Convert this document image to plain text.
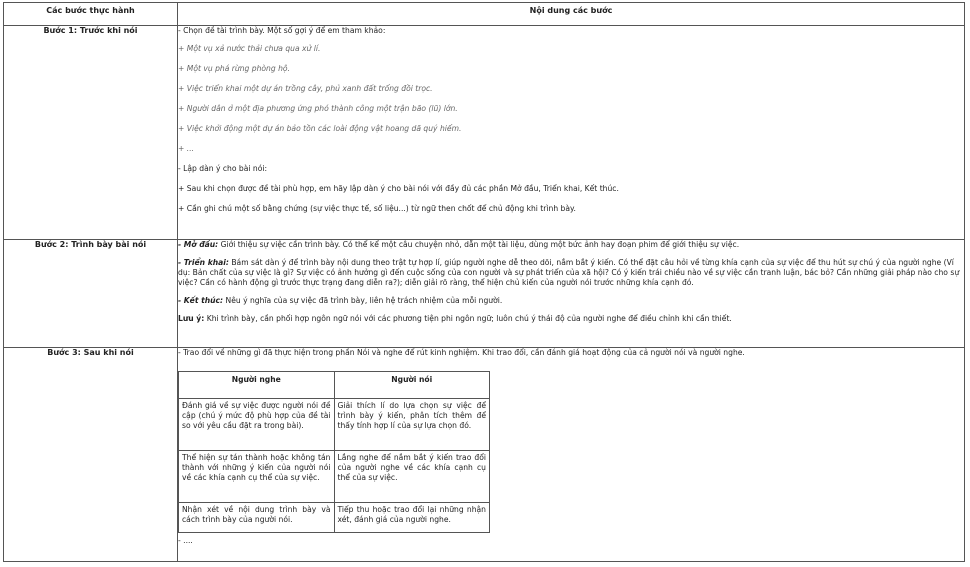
Các bước thực hành	Nội dung các bước
Bước 1: Trước khi nói	- Chọn đề tài trình bày. Một số gợi ý để em tham khảo:

+ Một vụ xả nước thải chưa qua xử lí.

+ Một vụ phá rừng phòng hộ.

+ Việc triển khai một dự án trồng cây, phủ xanh đất trống đồi trọc.

+ Người dân ở một địa phương ứng phó thành công một trận bão (lũ) lớn.

+ Việc khởi động một dự án bảo tồn các loài động vật hoang dã quý hiếm.

+ ...

- Lập dàn ý cho bài nói:

+ Sau khi chọn được đề tài phù hợp, em hãy lập dàn ý cho bài nói với đầy đủ các phần Mở đầu, Triển khai, Kết thúc.

+ Cần ghi chú một số bằng chứng (sự việc thực tế, số liệu...) từ ngữ then chốt để chủ động khi trình bày.

Bước 2: Trình bày bài nói	- Mở đầu: Giới thiệu sự việc cần trình bày. Có thể kể một câu chuyện nhỏ, dẫn một tài liệu, dùng một bức ảnh hay đoạn phim để giới thiệu sự việc.

- Triển khai: Bám sát dàn ý để trình bày nội dung theo trật tự hợp lí, giúp người nghe dễ theo dõi, nắm bắt ý kiến. Có thể đặt câu hỏi về từng khía cạnh của sự việc để thu hút sự chú ý của người nghe (Ví dụ: Bản chất của sự việc là gì? Sự việc có ảnh hưởng gì đến cuộc sống của con người và sự phát triển của xã hội? Có ý kiến trái chiều nào về sự việc cần tranh luận, bác bỏ? Cần những giải pháp nào cho sự việc? Cần có hành động gì trước thực trạng đang diễn ra?); diễn giải rõ ràng, thể hiện chủ kiến của người nói trước những khía cạnh đó.

- Kết thúc: Nêu ý nghĩa của sự việc đã trình bày, liên hệ trách nhiệm của mỗi người.

Lưu ý: Khi trình bày, cần phối hợp ngôn ngữ nói với các phương tiện phi ngôn ngữ; luôn chú ý thái độ của người nghe để điều chỉnh khi cần thiết.

Bước 3: Sau khi nói	- Trao đổi về những gì đã thực hiện trong phần Nói và nghe để rút kinh nghiệm. Khi trao đổi, cần đánh giá hoạt động của cả người nói và người nghe.

Người nghe	Người nói
Đánh giá về sự việc được người nói đề cập (chú ý mức độ phù hợp của đề tài so với yêu cầu đặt ra trong bài).	Giải thích lí do lựa chọn sự việc để trình bày ý kiến, phân tích thêm để thấy tính hợp lí của sự lựa chọn đó.
Thể hiện sự tán thành hoặc không tán thành với những ý kiến của người nói về các khía cạnh cụ thể của sự việc.	Lắng nghe để nắm bắt ý kiến trao đổi của người nghe về các khía cạnh cụ thể của sự việc.
Nhận xét về nội dung trình bày và cách trình bày của người nói.	Tiếp thu hoặc trao đổi lại những nhận xét, đánh giá của người nghe.

- ....
